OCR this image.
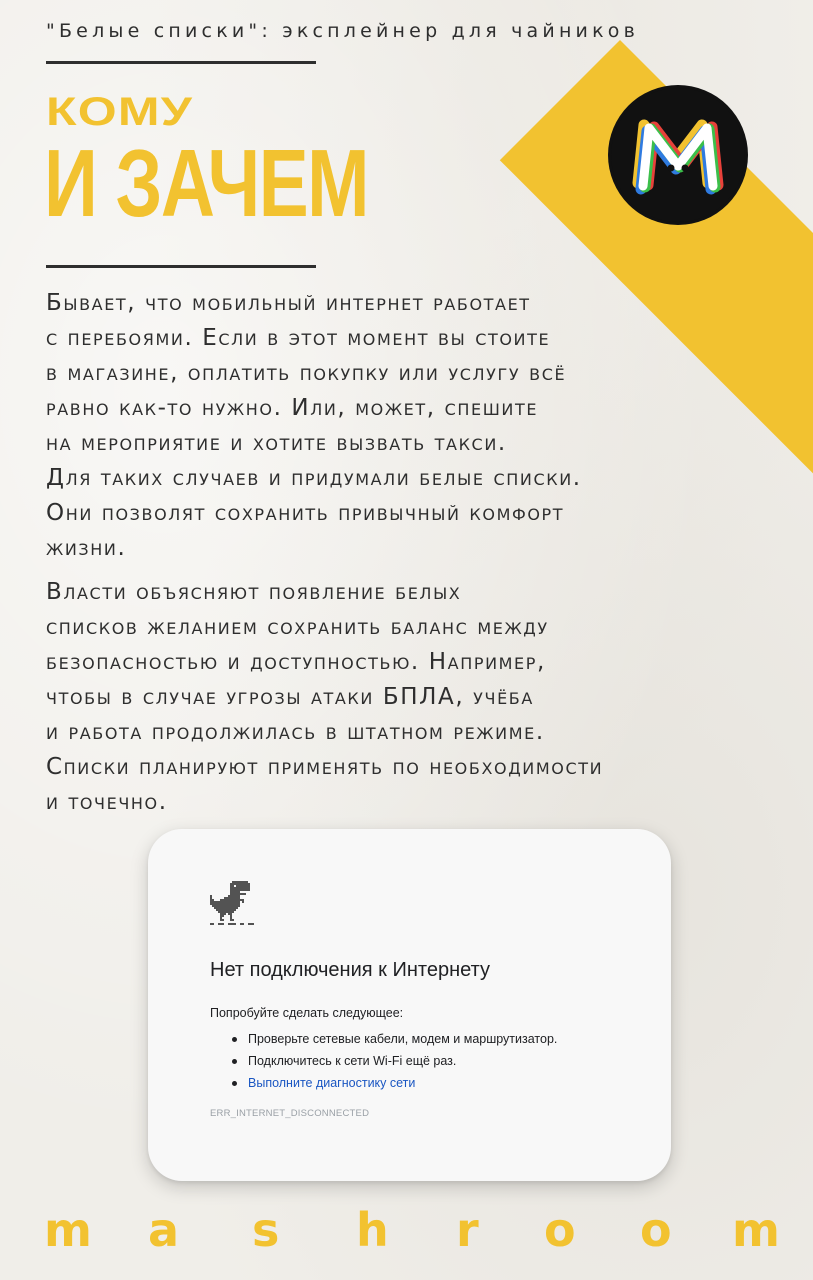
"Белые списки": эксплейнер для чайников
КОМУ
И ЗАЧЕМ
Бывает, что мобильный интернет работает
с перебоями. Если в этот момент вы стоите
в магазине, оплатить покупку или услугу всё
равно как-то нужно. Или, может, спешите
на мероприятие и хотите вызвать такси.
Для таких случаев и придумали белые списки.
Они позволят сохранить привычный комфорт
жизни.
Власти объясняют появление белых
списков желанием сохранить баланс между
безопасностью и доступностью. Например,
чтобы в случае угрозы атаки БПЛА, учёба
и работа продолжилась в штатном режиме.
Списки планируют применять по необходимости
и точечно.
Нет подключения к Интернету
Попробуйте сделать следующее:
Проверьте сетевые кабели, модем и маршрутизатор.
Подключитесь к сети Wi-Fi ещё раз.
Выполните диагностику сети
ERR_INTERNET_DISCONNECTED
m a s h r o o m
